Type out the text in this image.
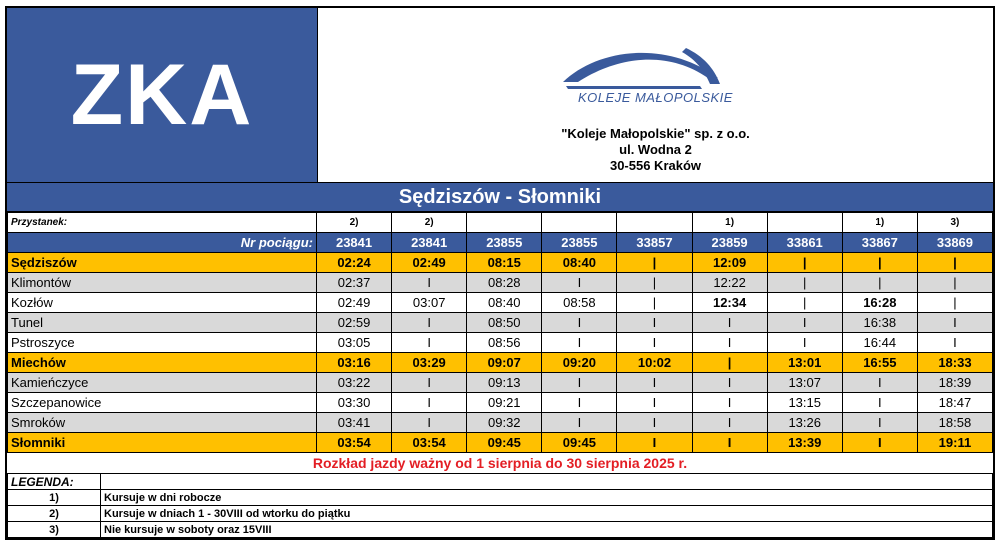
ZKA	KOLEJE MAŁOPOLSKIE
"Koleje Małopolskie" sp. z o.o.
ul. Wodna 2
30-556 Kraków
Sędziszów - Słomniki
Przystanek:	2)	2)				1)		1)	3)
Nr pociągu:	23841	23841	23855	23855	33857	23859	33861	33867	33869
Sędziszów	02:24	02:49	08:15	08:40	|	12:09	|	|	|
Klimontów	02:37	I	08:28	I	|	12:22	|	|	|
Kozłów	02:49	03:07	08:40	08:58	|	12:34	|	16:28	|
Tunel	02:59	I	08:50	I	I	I	I	16:38	I
Pstroszyce	03:05	I	08:56	I	I	I	I	16:44	I
Miechów	03:16	03:29	09:07	09:20	10:02	|	13:01	16:55	18:33
Kamieńczyce	03:22	I	09:13	I	I	I	13:07	I	18:39
Szczepanowice	03:30	I	09:21	I	I	I	13:15	I	18:47
Smroków	03:41	I	09:32	I	I	I	13:26	I	18:58
Słomniki	03:54	03:54	09:45	09:45	I	I	13:39	I	19:11
Rozkład jazdy ważny od 1 sierpnia do 30 sierpnia 2025 r.
LEGENDA:	
1)	Kursuje w dni robocze
2)	Kursuje w dniach 1 - 30VIII od wtorku do piątku
3)	Nie kursuje w soboty oraz 15VIII
